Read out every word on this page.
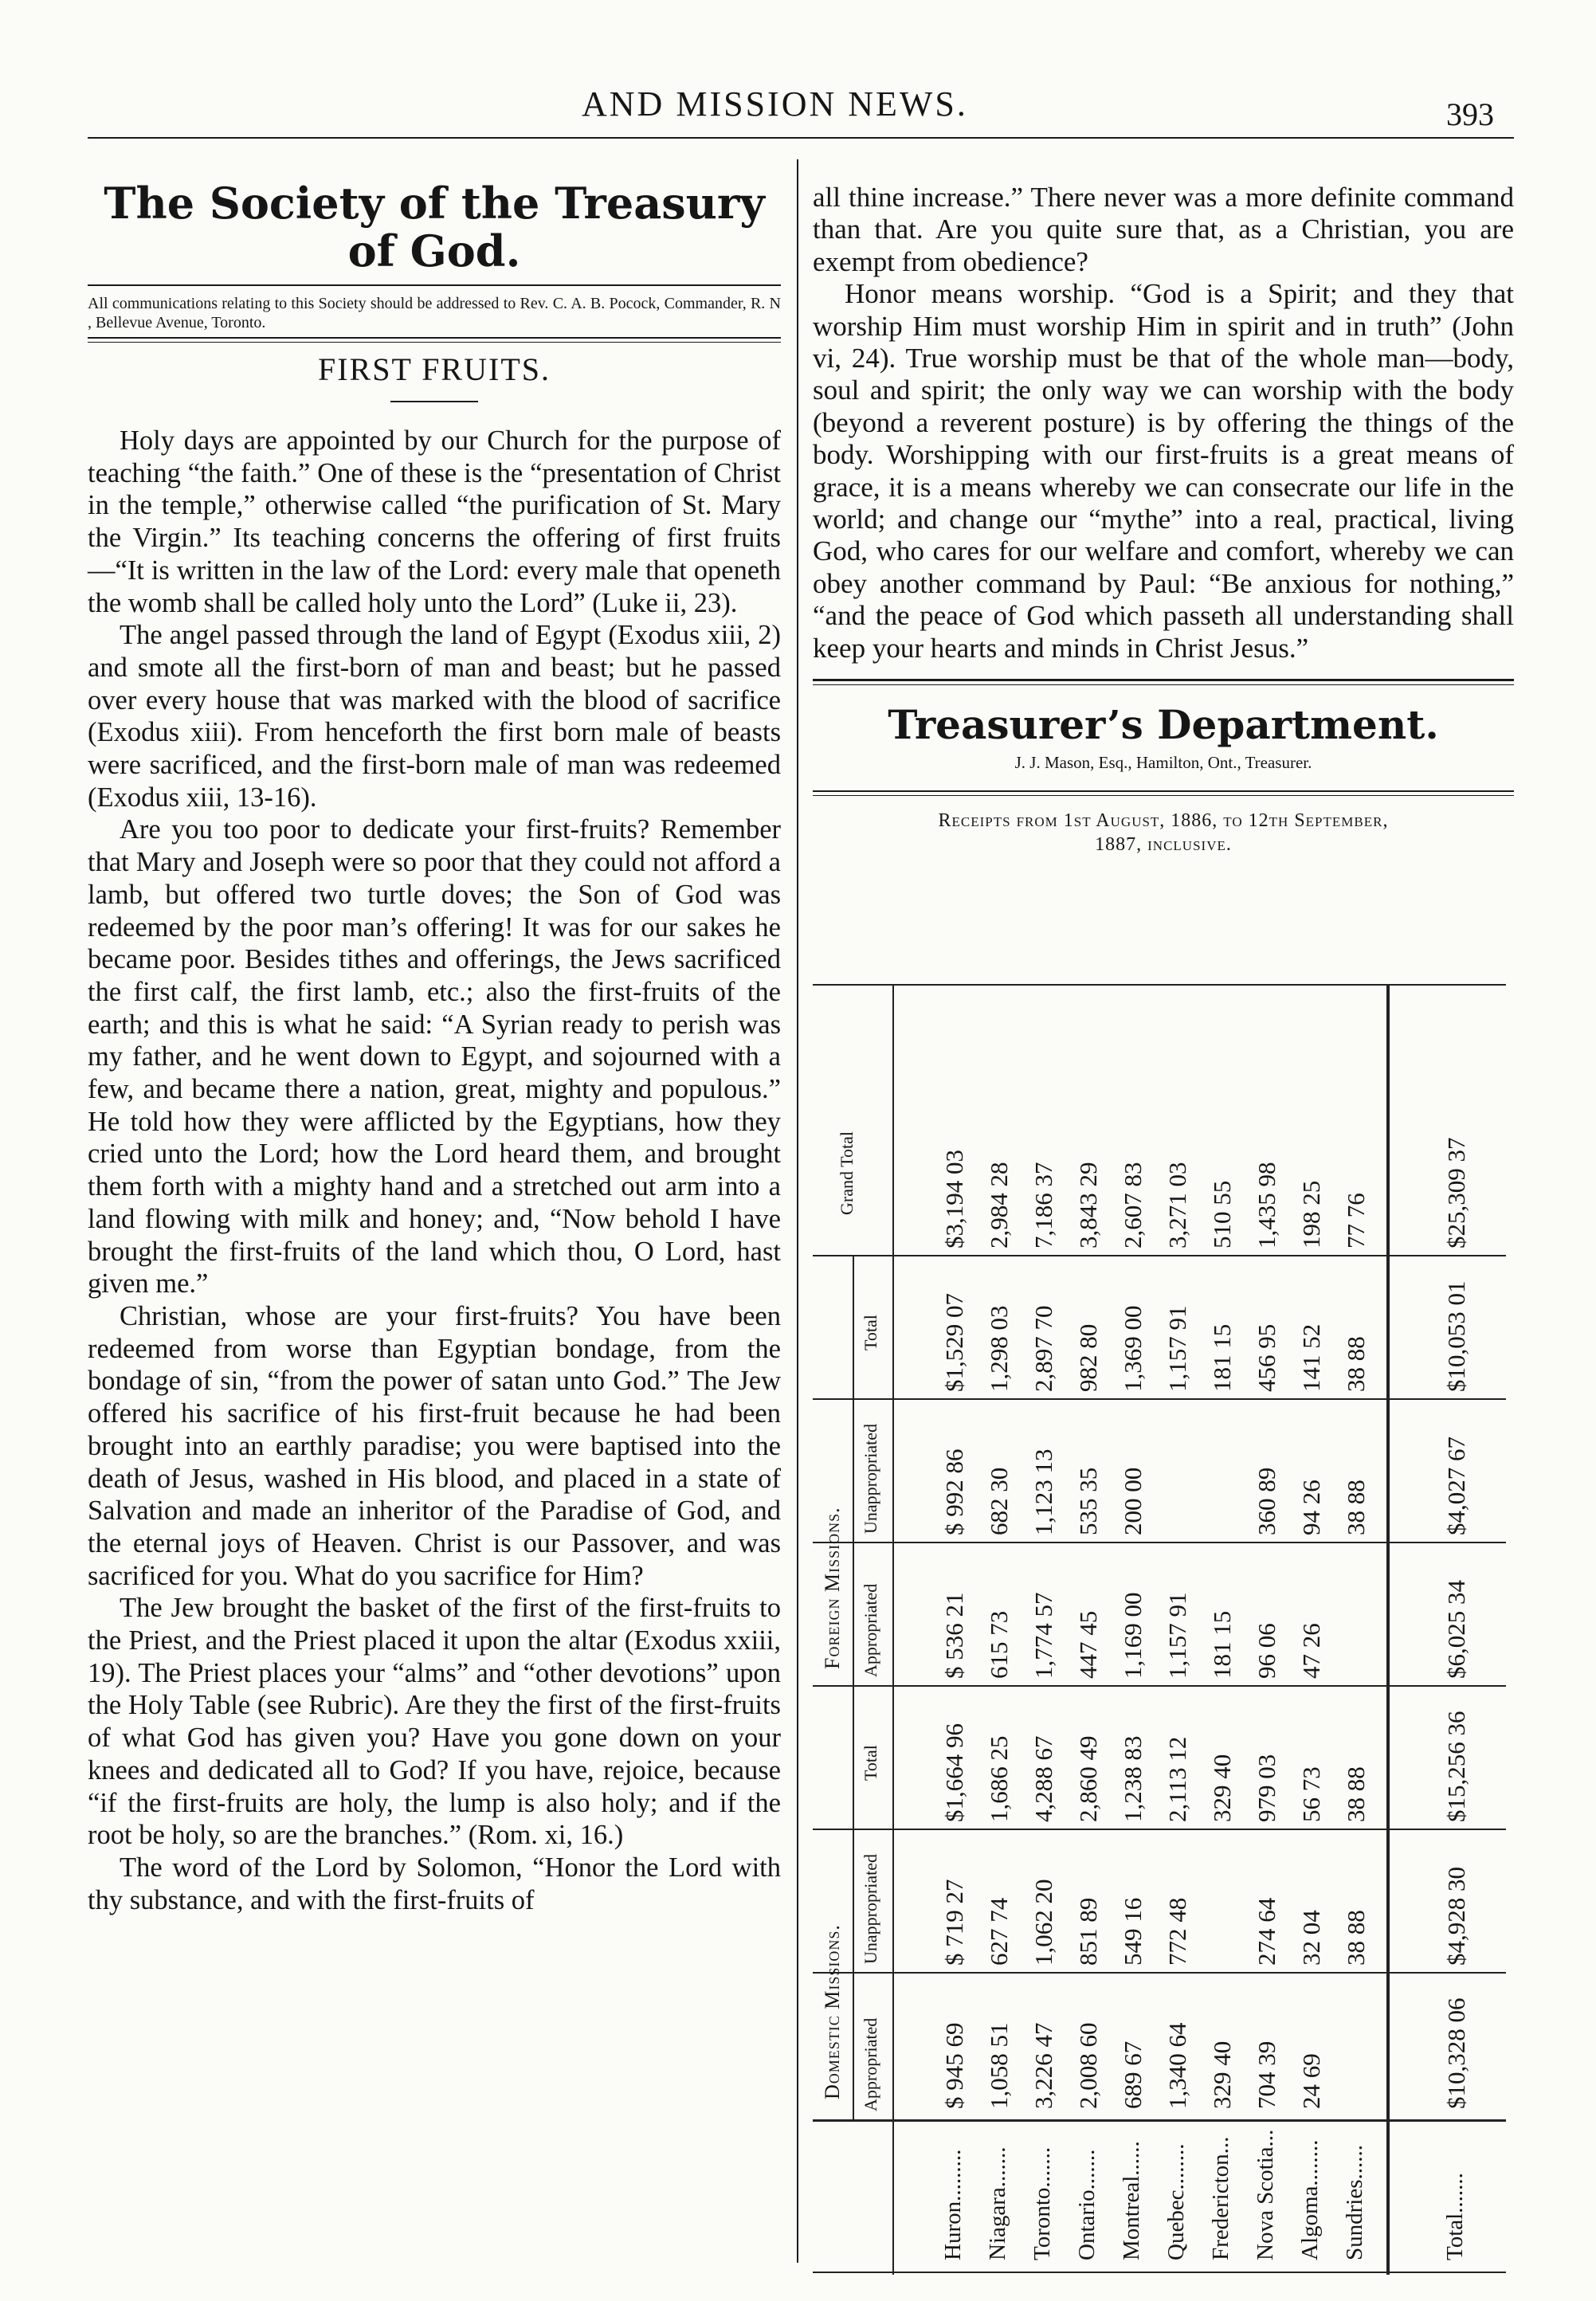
AND MISSION NEWS.	393
The Society of the Treasury of God.
All communications relating to this Society should be addressed to Rev. C. A. B. Pocock, Commander, R. N , Bellevue Avenue, Toronto.
FIRST FRUITS.

Holy days are appointed by our Church for the purpose of teaching “the faith.” One of these is the “presentation of Christ in the temple,” otherwise called “the purification of St. Mary the Virgin.” Its teaching concerns the offering of first fruits—“It is written in the law of the Lord: every male that openeth the womb shall be called holy unto the Lord” (Luke ii, 23).

The angel passed through the land of Egypt (Exodus xiii, 2) and smote all the first-born of man and beast; but he passed over every house that was marked with the blood of sacrifice (Exodus xiii). From henceforth the first born male of beasts were sacrificed, and the first-born male of man was redeemed (Exodus xiii, 13-16).

Are you too poor to dedicate your first-fruits? Remember that Mary and Joseph were so poor that they could not afford a lamb, but offered two turtle doves; the Son of God was redeemed by the poor man’s offering! It was for our sakes he became poor. Besides tithes and offerings, the Jews sacrificed the first calf, the first lamb, etc.; also the first-fruits of the earth; and this is what he said: “A Syrian ready to perish was my father, and he went down to Egypt, and sojourned with a few, and became there a nation, great, mighty and populous.” He told how they were afflicted by the Egyptians, how they cried unto the Lord; how the Lord heard them, and brought them forth with a mighty hand and a stretched out arm into a land flowing with milk and honey; and, “Now behold I have brought the first-fruits of the land which thou, O Lord, hast given me.”

Christian, whose are your first-fruits? You have been redeemed from worse than Egyptian bondage, from the bondage of sin, “from the power of satan unto God.” The Jew offered his sacrifice of his first-fruit because he had been brought into an earthly paradise; you were baptised into the death of Jesus, washed in His blood, and placed in a state of Salvation and made an inheritor of the Paradise of God, and the eternal joys of Heaven. Christ is our Passover, and was sacrificed for you. What do you sacrifice for Him?

The Jew brought the basket of the first of the first-fruits to the Priest, and the Priest placed it upon the altar (Exodus xxiii, 19). The Priest places your “alms” and “other devotions” upon the Holy Table (see Rubric). Are they the first of the first-fruits of what God has given you? Have you gone down on your knees and dedicated all to God? If you have, rejoice, because “if the first-fruits are holy, the lump is also holy; and if the root be holy, so are the branches.” (Rom. xi, 16.)

The word of the Lord by Solomon, “Honor the Lord with thy substance, and with the first-fruits of

all thine increase.” There never was a more definite command than that. Are you quite sure that, as a Christian, you are exempt from obedience?

Honor means worship. “God is a Spirit; and they that worship Him must worship Him in spirit and in truth” (John vi, 24). True worship must be that of the whole man—body, soul and spirit; the only way we can worship with the body (beyond a reverent posture) is by offering the things of the body. Worshipping with our first-fruits is a great means of grace, it is a means whereby we can consecrate our life in the world; and change our “mythe” into a real, practical, living God, who cares for our welfare and comfort, whereby we can obey another command by Paul: “Be anxious for nothing,” “and the peace of God which passeth all understanding shall keep your hearts and minds in Christ Jesus.”

Treasurer’s Department.
J. J. Mason, Esq., Hamilton, Ont., Treasurer.
Receipts from 1st August, 1886, to 12th September,
1887, inclusive.
Domestic Missions.
Foreign Missions.
Appropriated
Unappropriated
Total
Appropriated
Unappropriated
Total
Grand Total
Huron.........
$ 945 69
$ 719 27
$1,664 96
$ 536 21
$ 992 86
$1,529 07
$3,194 03
Niagara.......
1,058 51
627 74
1,686 25
615 73
682 30
1,298 03
2,984 28
Toronto.......
3,226 47
1,062 20
4,288 67
1,774 57
1,123 13
2,897 70
7,186 37
Ontario.......
2,008 60
851 89
2,860 49
447 45
535 35
982 80
3,843 29
Montreal......
689 67
549 16
1,238 83
1,169 00
200 00
1,369 00
2,607 83
Quebec........
1,340 64
772 48
2,113 12
1,157 91
1,157 91
3,271 03
Fredericton...
329 40
329 40
181 15
181 15
510 55
Nova Scotia...
704 39
274 64
979 03
96 06
360 89
456 95
1,435 98
Algoma........
24 69
32 04
56 73
47 26
94 26
141 52
198 25
Sundries......
38 88
38 88
38 88
38 88
77 76
Total.......
$10,328 06
$4,928 30
$15,256 36
$6,025 34
$4,027 67
$10,053 01
$25,309 37
